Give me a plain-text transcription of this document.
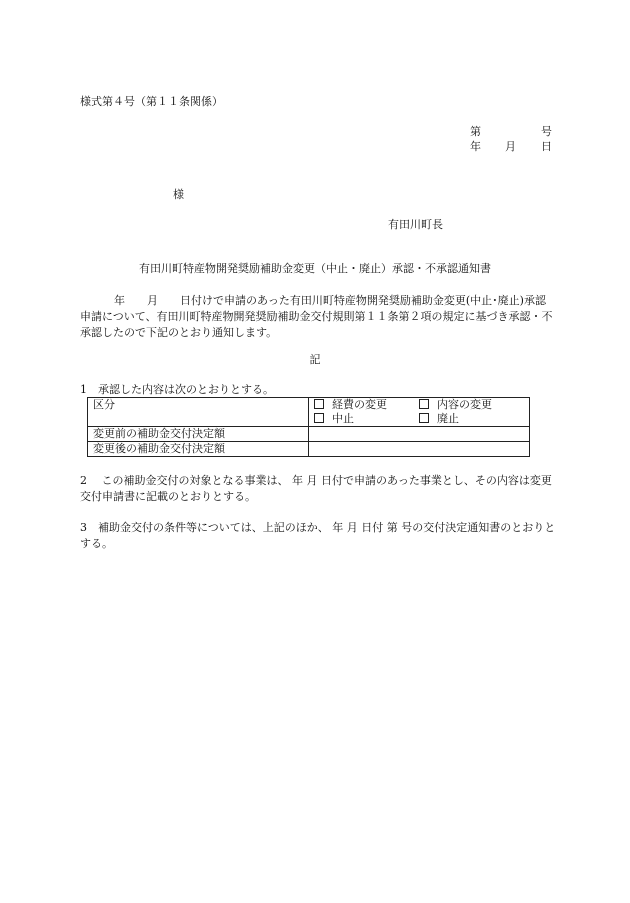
様式第４号（第１１条関係）
第	号
年 月 日
様
有田川町長
有田川町特産物開発奨励補助金変更（中止・廃止）承認・不承認通知書
年 月 日付けで申請のあった有田川町特産物開発奨励補助金変更(中止･廃止)承認申請について、有田川町特産物開発奨励補助金交付規則第１１条第２項の規定に基づき承認・不承認したので下記のとおり通知します。
記
1　承認した内容は次のとおりとする。
区分	経費の変更 内容の変更
中止 廃止

変更前の補助金交付決定額	
変更後の補助金交付決定額	
2　 この補助金交付の対象となる事業は、 年 月 日付で申請のあった事業とし、その内容は変更交付申請書に記載のとおりとする。
3　補助金交付の条件等については、上記のほか、 年 月 日付 第 号の交付決定通知書のとおりとする。
